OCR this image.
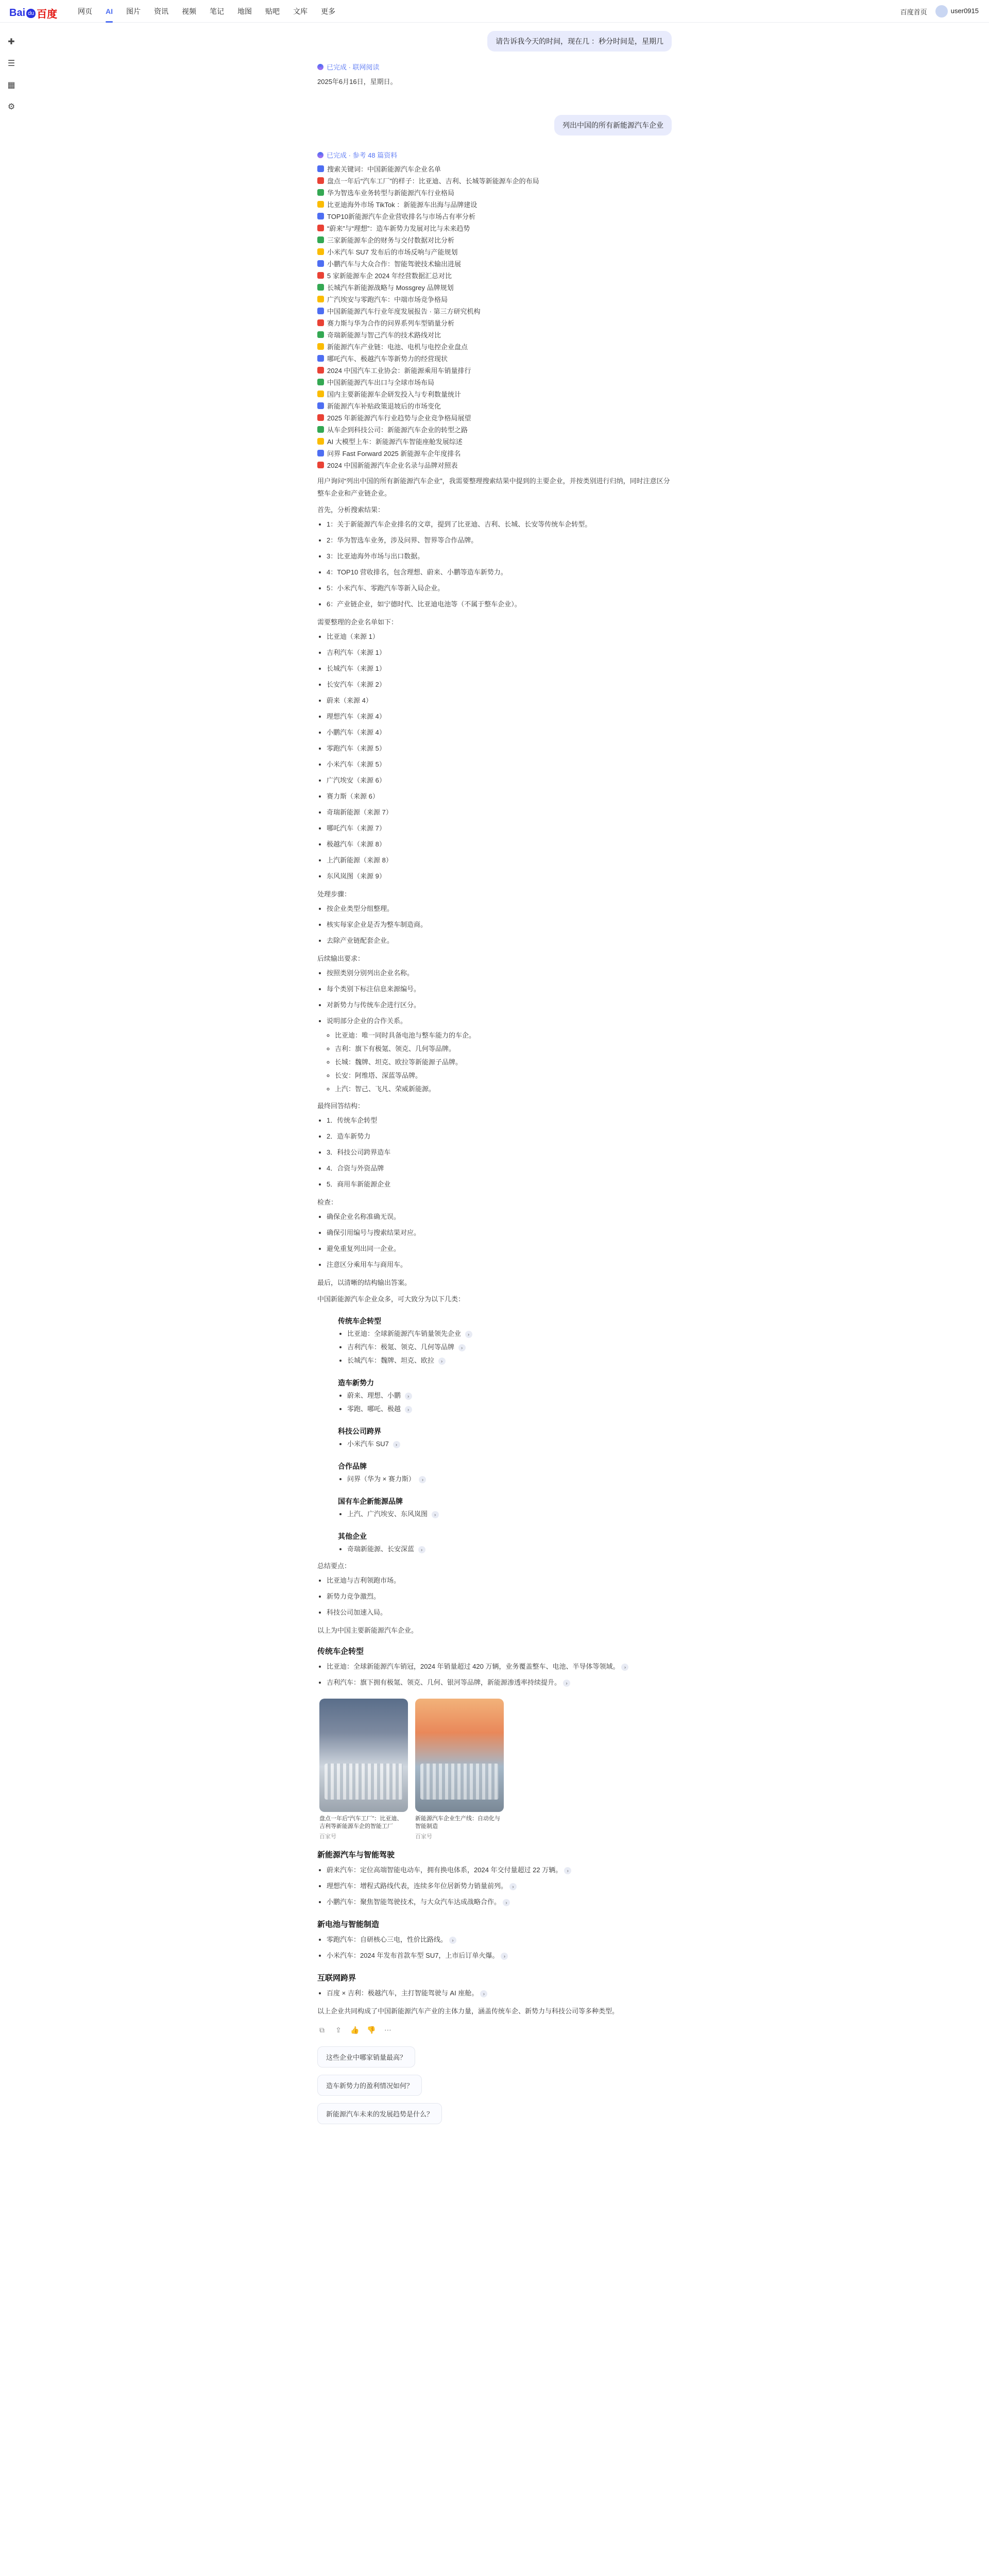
Bai du 百度	网页	AI	图片	资讯	视频	笔记	地图	贴吧	文库	更多	百度首页	user0915
✚
☰
▦
⚙
请告诉我今天的时间，现在几 ：秒分时间是，星期几
已完成 · 联网阅读
2025年6月16日，星期日。
列出中国的所有新能源汽车企业
已完成 · 参考 48 篇资料
搜索关键词：中国新能源汽车企业名单
盘点一年后“汽车工厂”的样子：比亚迪、吉利、长城等新能源车企的布局
华为智选车业务转型与新能源汽车行业格局
比亚迪海外市场 TikTok ：新能源车出海与品牌建设
TOP10新能源汽车企业营收排名与市场占有率分析
“蔚来”与“理想”：造车新势力发展对比与未来趋势
三家新能源车企的财务与交付数据对比分析
小米汽车 SU7 发布后的市场反响与产能规划
小鹏汽车与大众合作：智能驾驶技术输出进展
5 家新能源车企 2024 年经营数据汇总对比
长城汽车新能源战略与 Mossgrey 品牌规划
广汽埃安与零跑汽车：中端市场竞争格局
中国新能源汽车行业年度发展报告 · 第三方研究机构
赛力斯与华为合作的问界系列车型销量分析
奇瑞新能源与智己汽车的技术路线对比
新能源汽车产业链：电池、电机与电控企业盘点
哪吒汽车、极越汽车等新势力的经营现状
2024 中国汽车工业协会：新能源乘用车销量排行
中国新能源汽车出口与全球市场布局
国内主要新能源车企研发投入与专利数量统计
新能源汽车补贴政策退坡后的市场变化
2025 年新能源汽车行业趋势与企业竞争格局展望
从车企到科技公司：新能源汽车企业的转型之路
AI 大模型上车：新能源汽车智能座舱发展综述
问界 Fast Forward 2025 新能源车企年度排名
2024 中国新能源汽车企业名录与品牌对照表
用户询问“列出中国的所有新能源汽车企业”，我需要整理搜索结果中提到的主要企业，并按类别进行归纳，同时注意区分整车企业和产业链企业。
首先，分析搜索结果：
• 1：关于新能源汽车企业排名的文章，提到了比亚迪、吉利、长城、长安等传统车企转型。
• 2：华为智选车业务，涉及问界、智界等合作品牌。
• 3：比亚迪海外市场与出口数据。
• 4：TOP10 营收排名，包含理想、蔚来、小鹏等造车新势力。
• 5：小米汽车、零跑汽车等新入局企业。
• 6：产业链企业，如宁德时代、比亚迪电池等（不属于整车企业）。
需要整理的企业名单如下：
• 比亚迪（来源 1）
• 吉利汽车（来源 1）
• 长城汽车（来源 1）
• 长安汽车（来源 2）
• 蔚来（来源 4）
• 理想汽车（来源 4）
• 小鹏汽车（来源 4）
• 零跑汽车（来源 5）
• 小米汽车（来源 5）
• 广汽埃安（来源 6）
• 赛力斯（来源 6）
• 奇瑞新能源（来源 7）
• 哪吒汽车（来源 7）
• 极越汽车（来源 8）
• 上汽新能源（来源 8）
• 东风岚图（来源 9）
处理步骤：
• 按企业类型分组整理。
• 核实每家企业是否为整车制造商。
• 去除产业链配套企业。
后续输出要求：
• 按照类别分别列出企业名称。
• 每个类别下标注信息来源编号。
• 对新势力与传统车企进行区分。
• 说明部分企业的合作关系。
◦ 比亚迪：唯一同时具备电池与整车能力的车企。
◦ 吉利：旗下有极氪、领克、几何等品牌。
◦ 长城：魏牌、坦克、欧拉等新能源子品牌。
◦ 长安：阿维塔、深蓝等品牌。
◦ 上汽：智己、飞凡、荣威新能源。
最终回答结构：
• 1．传统车企转型
• 2．造车新势力
• 3．科技公司跨界造车
• 4．合资与外资品牌
• 5．商用车新能源企业
检查：
• 确保企业名称准确无误。
• 确保引用编号与搜索结果对应。
• 避免重复列出同一企业。
• 注意区分乘用车与商用车。
最后，以清晰的结构输出答案。
中国新能源汽车企业众多，可大致分为以下几类：
传统车企转型
• 比亚迪：全球新能源汽车销量领先企业 ›
• 吉利汽车：极氪、领克、几何等品牌 ›
• 长城汽车：魏牌、坦克、欧拉 ›
造车新势力
• 蔚来、理想、小鹏 ›
• 零跑、哪吒、极越 ›
科技公司跨界
• 小米汽车 SU7 ›
合作品牌
• 问界（华为 × 赛力斯） ›
国有车企新能源品牌
• 上汽、广汽埃安、东风岚图 ›
其他企业
• 奇瑞新能源、长安深蓝 ›
总结要点：
• 比亚迪与吉利领跑市场。
• 新势力竞争激烈。
• 科技公司加速入局。
以上为中国主要新能源汽车企业。
传统车企转型
• 比亚迪：全球新能源汽车销冠，2024 年销量超过 420 万辆，业务覆盖整车、电池、半导体等领域。 ›
• 吉利汽车：旗下拥有极氪、领克、几何、银河等品牌，新能源渗透率持续提升。 ›
盘点一年后“汽车工厂”：比亚迪、吉利等新能源车企的智能工厂
百家号
新能源汽车企业生产线：自动化与智能制造
百家号
新能源汽车与智能驾驶
• 蔚来汽车：定位高端智能电动车，拥有换电体系，2024 年交付量超过 22 万辆。 ›
• 理想汽车：增程式路线代表，连续多年位居新势力销量前列。 ›
• 小鹏汽车：聚焦智能驾驶技术，与大众汽车达成战略合作。 ›
新电池与智能制造
• 零跑汽车：自研核心三电，性价比路线。 ›
• 小米汽车：2024 年发布首款车型 SU7，上市后订单火爆。 ›
互联网跨界
• 百度 × 吉利：极越汽车，主打智能驾驶与 AI 座舱。 ›
以上企业共同构成了中国新能源汽车产业的主体力量，涵盖传统车企、新势力与科技公司等多种类型。
⧉ ⇪ 👍 👎 ⋯
这些企业中哪家销量最高？
造车新势力的盈利情况如何？
新能源汽车未来的发展趋势是什么？
